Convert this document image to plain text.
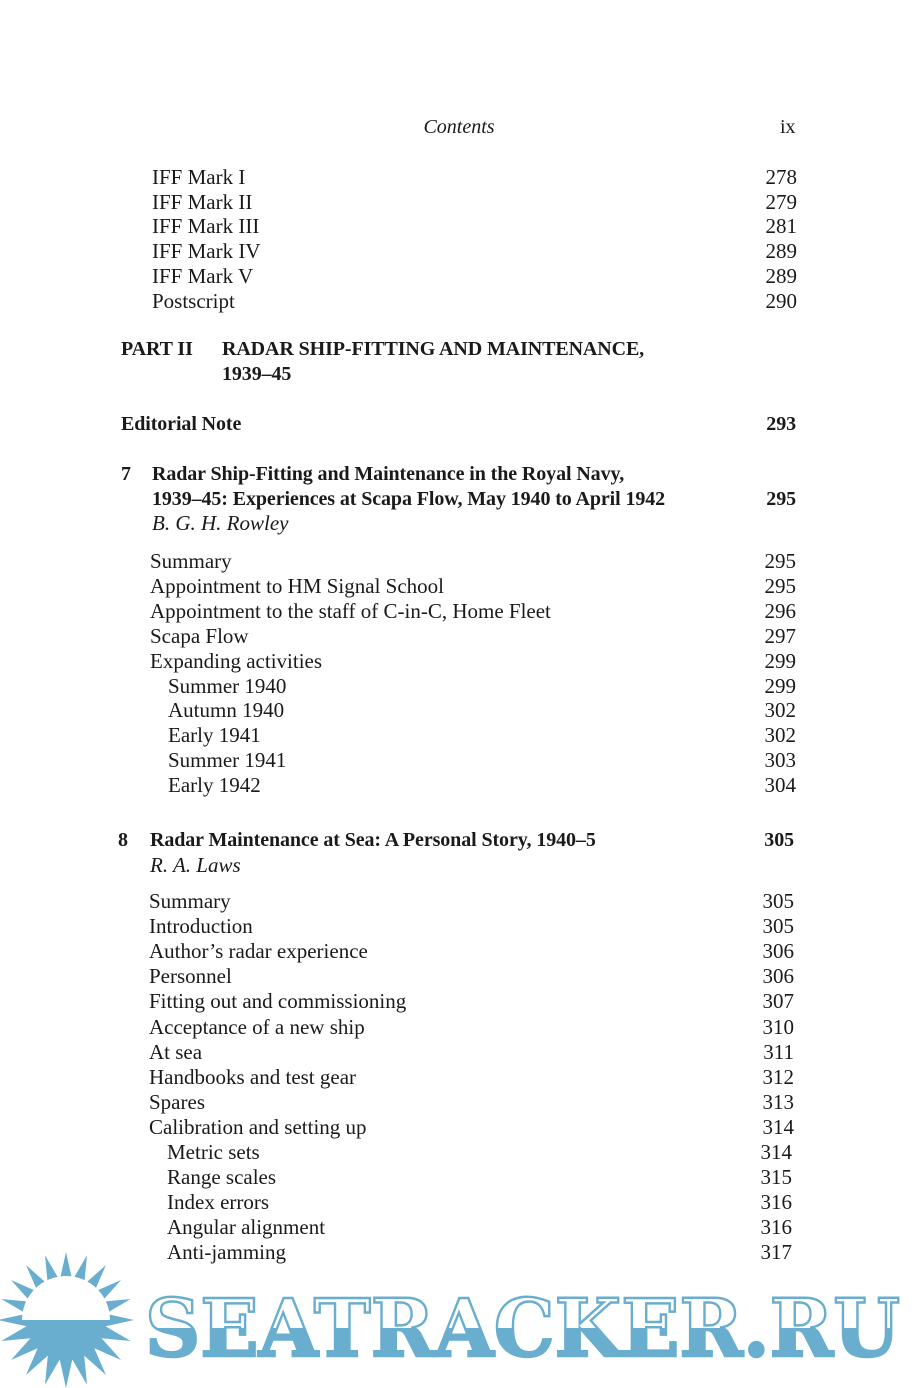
Contents	ix
IFF Mark I	278
IFF Mark II	279
IFF Mark III	281
IFF Mark IV	289
IFF Mark V	289
Postscript	290
PART II RADAR SHIP-FITTING AND MAINTENANCE,
1939–45
Editorial Note	293
7 Radar Ship-Fitting and Maintenance in the Royal Navy,
1939–45: Experiences at Scapa Flow, May 1940 to April 1942	295
B. G. H. Rowley
Summary	295
Appointment to HM Signal School	295
Appointment to the staff of C-in-C, Home Fleet	296
Scapa Flow	297
Expanding activities	299
Summer 1940	299
Autumn 1940	302
Early 1941	302
Summer 1941	303
Early 1942	304
8 Radar Maintenance at Sea: A Personal Story, 1940–5	305
R. A. Laws
Summary	305
Introduction	305
Author’s radar experience	306
Personnel	306
Fitting out and commissioning	307
Acceptance of a new ship	310
At sea	311
Handbooks and test gear	312
Spares	313
Calibration and setting up	314
Metric sets	314
Range scales	315
Index errors	316
Angular alignment	316
Anti-jamming	317
SEATRACKER.RU
